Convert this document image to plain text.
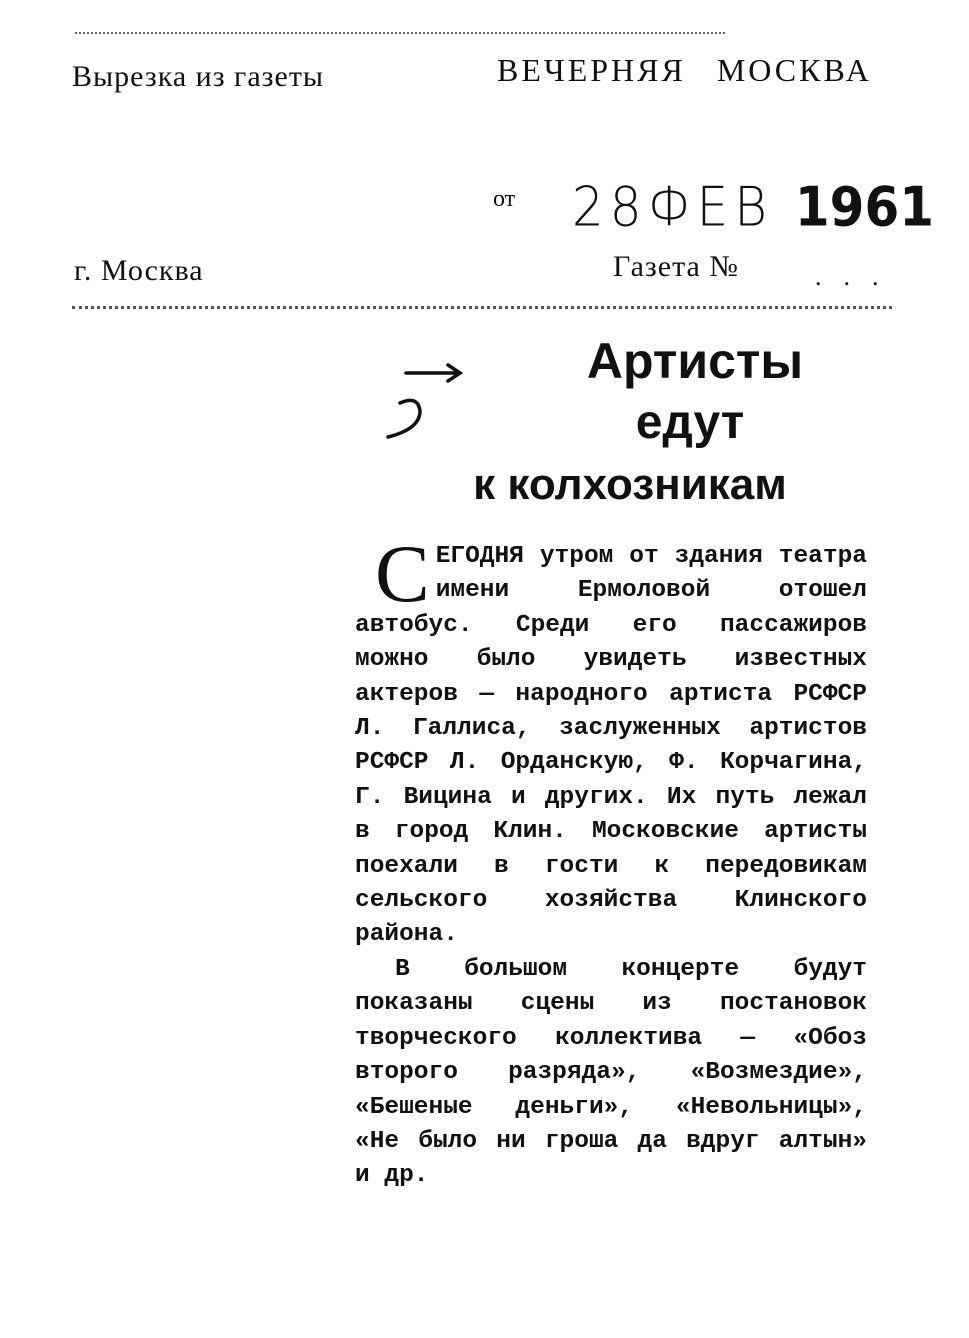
Вырезка из газеты	ВЕЧЕРНЯЯ МОСКВА
от 28ФЕВ 1961
г. Москва	Газета №	...
Артисты
едут
к колхозникам

СЕГОДНЯ утром от здания театра имени Ермоловой отошел автобус. Среди его пассажиров можно было увидеть известных актеров — народного артиста РСФСР Л. Галлиса, заслуженных артистов РСФСР Л. Орданскую, Ф. Корчагина, Г. Вицина и других. Их путь лежал в город Клин. Московские артисты поехали в гости к передовикам сельского хозяйства Клинского района.

В большом концерте будут показаны сцены из постановок творческого коллектива — «Обоз второго разряда», «Возмездие», «Бешеные деньги», «Невольницы», «Не было ни гроша да вдруг алтын» и др.
